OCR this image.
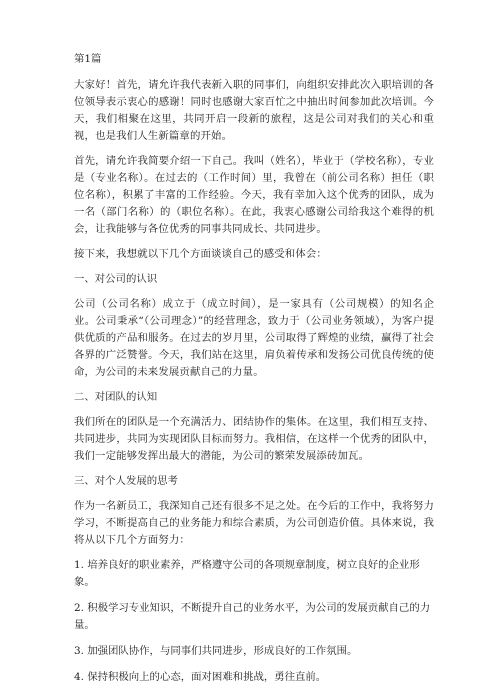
第1篇

大家好！首先，请允许我代表新入职的同事们，向组织安排此次入职培训的各位领导表示衷心的感谢！同时也感谢大家百忙之中抽出时间参加此次培训。今天，我们相聚在这里，共同开启一段新的旅程，这是公司对我们的关心和重视，也是我们人生新篇章的开始。

首先，请允许我简要介绍一下自己。我叫（姓名），毕业于（学校名称），专业是（专业名称）。在过去的（工作时间）里，我曾在（前公司名称）担任（职位名称），积累了丰富的工作经验。今天，我有幸加入这个优秀的团队，成为一名（部门名称）的（职位名称）。在此，我衷心感谢公司给我这个难得的机会，让我能够与各位优秀的同事共同成长、共同进步。

接下来，我想就以下几个方面谈谈自己的感受和体会：

一、对公司的认识

公司（公司名称）成立于（成立时间），是一家具有（公司规模）的知名企业。公司秉承“（公司理念）”的经营理念，致力于（公司业务领域），为客户提供优质的产品和服务。在过去的岁月里，公司取得了辉煌的业绩，赢得了社会各界的广泛赞誉。今天，我们站在这里，肩负着传承和发扬公司优良传统的使命，为公司的未来发展贡献自己的力量。

二、对团队的认知

我们所在的团队是一个充满活力、团结协作的集体。在这里，我们相互支持、共同进步，共同为实现团队目标而努力。我相信，在这样一个优秀的团队中，我们一定能够发挥出最大的潜能，为公司的繁荣发展添砖加瓦。

三、对个人发展的思考

作为一名新员工，我深知自己还有很多不足之处。在今后的工作中，我将努力学习，不断提高自己的业务能力和综合素质，为公司创造价值。具体来说，我将从以下几个方面努力：

1. 培养良好的职业素养，严格遵守公司的各项规章制度，树立良好的企业形象。
2. 积极学习专业知识，不断提升自己的业务水平，为公司的发展贡献自己的力量。
3. 加强团队协作，与同事们共同进步，形成良好的工作氛围。
4. 保持积极向上的心态，面对困难和挑战，勇往直前。
